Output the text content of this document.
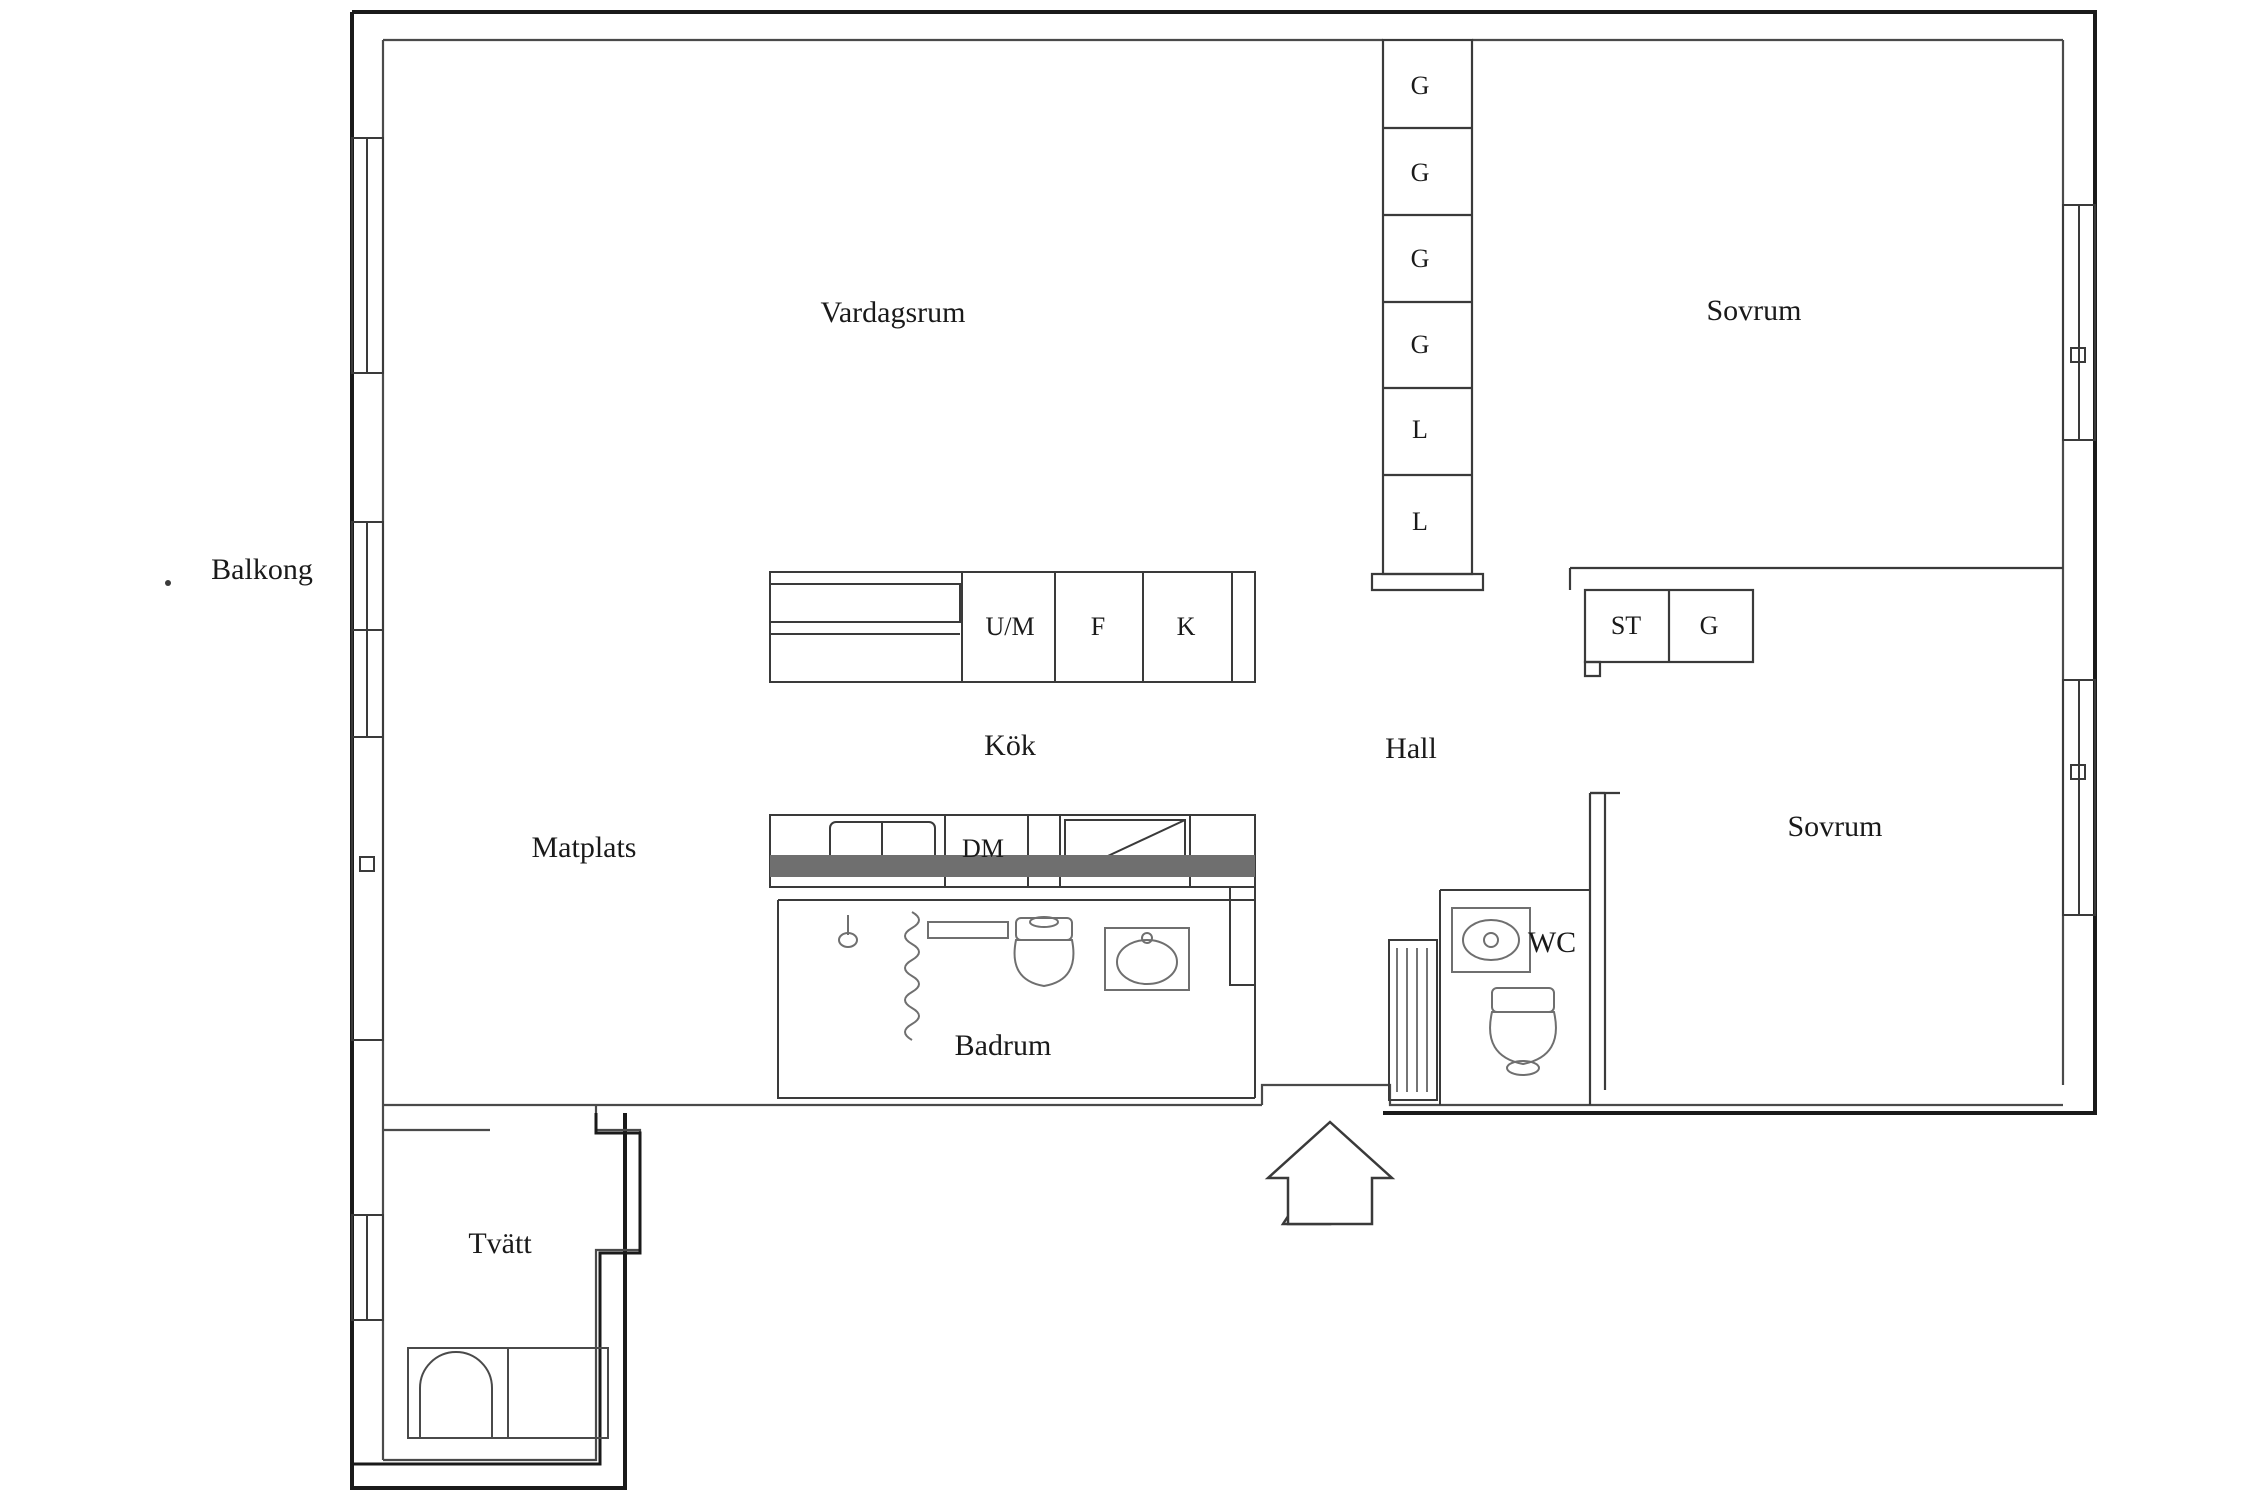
Vardagsrum	Sovrum
Sovrum
Kök	Hall
Matplats
Badrum
WC
Tvätt
Balkong
G
G
G
G
L
L
U/M F	K
DM
ST G
